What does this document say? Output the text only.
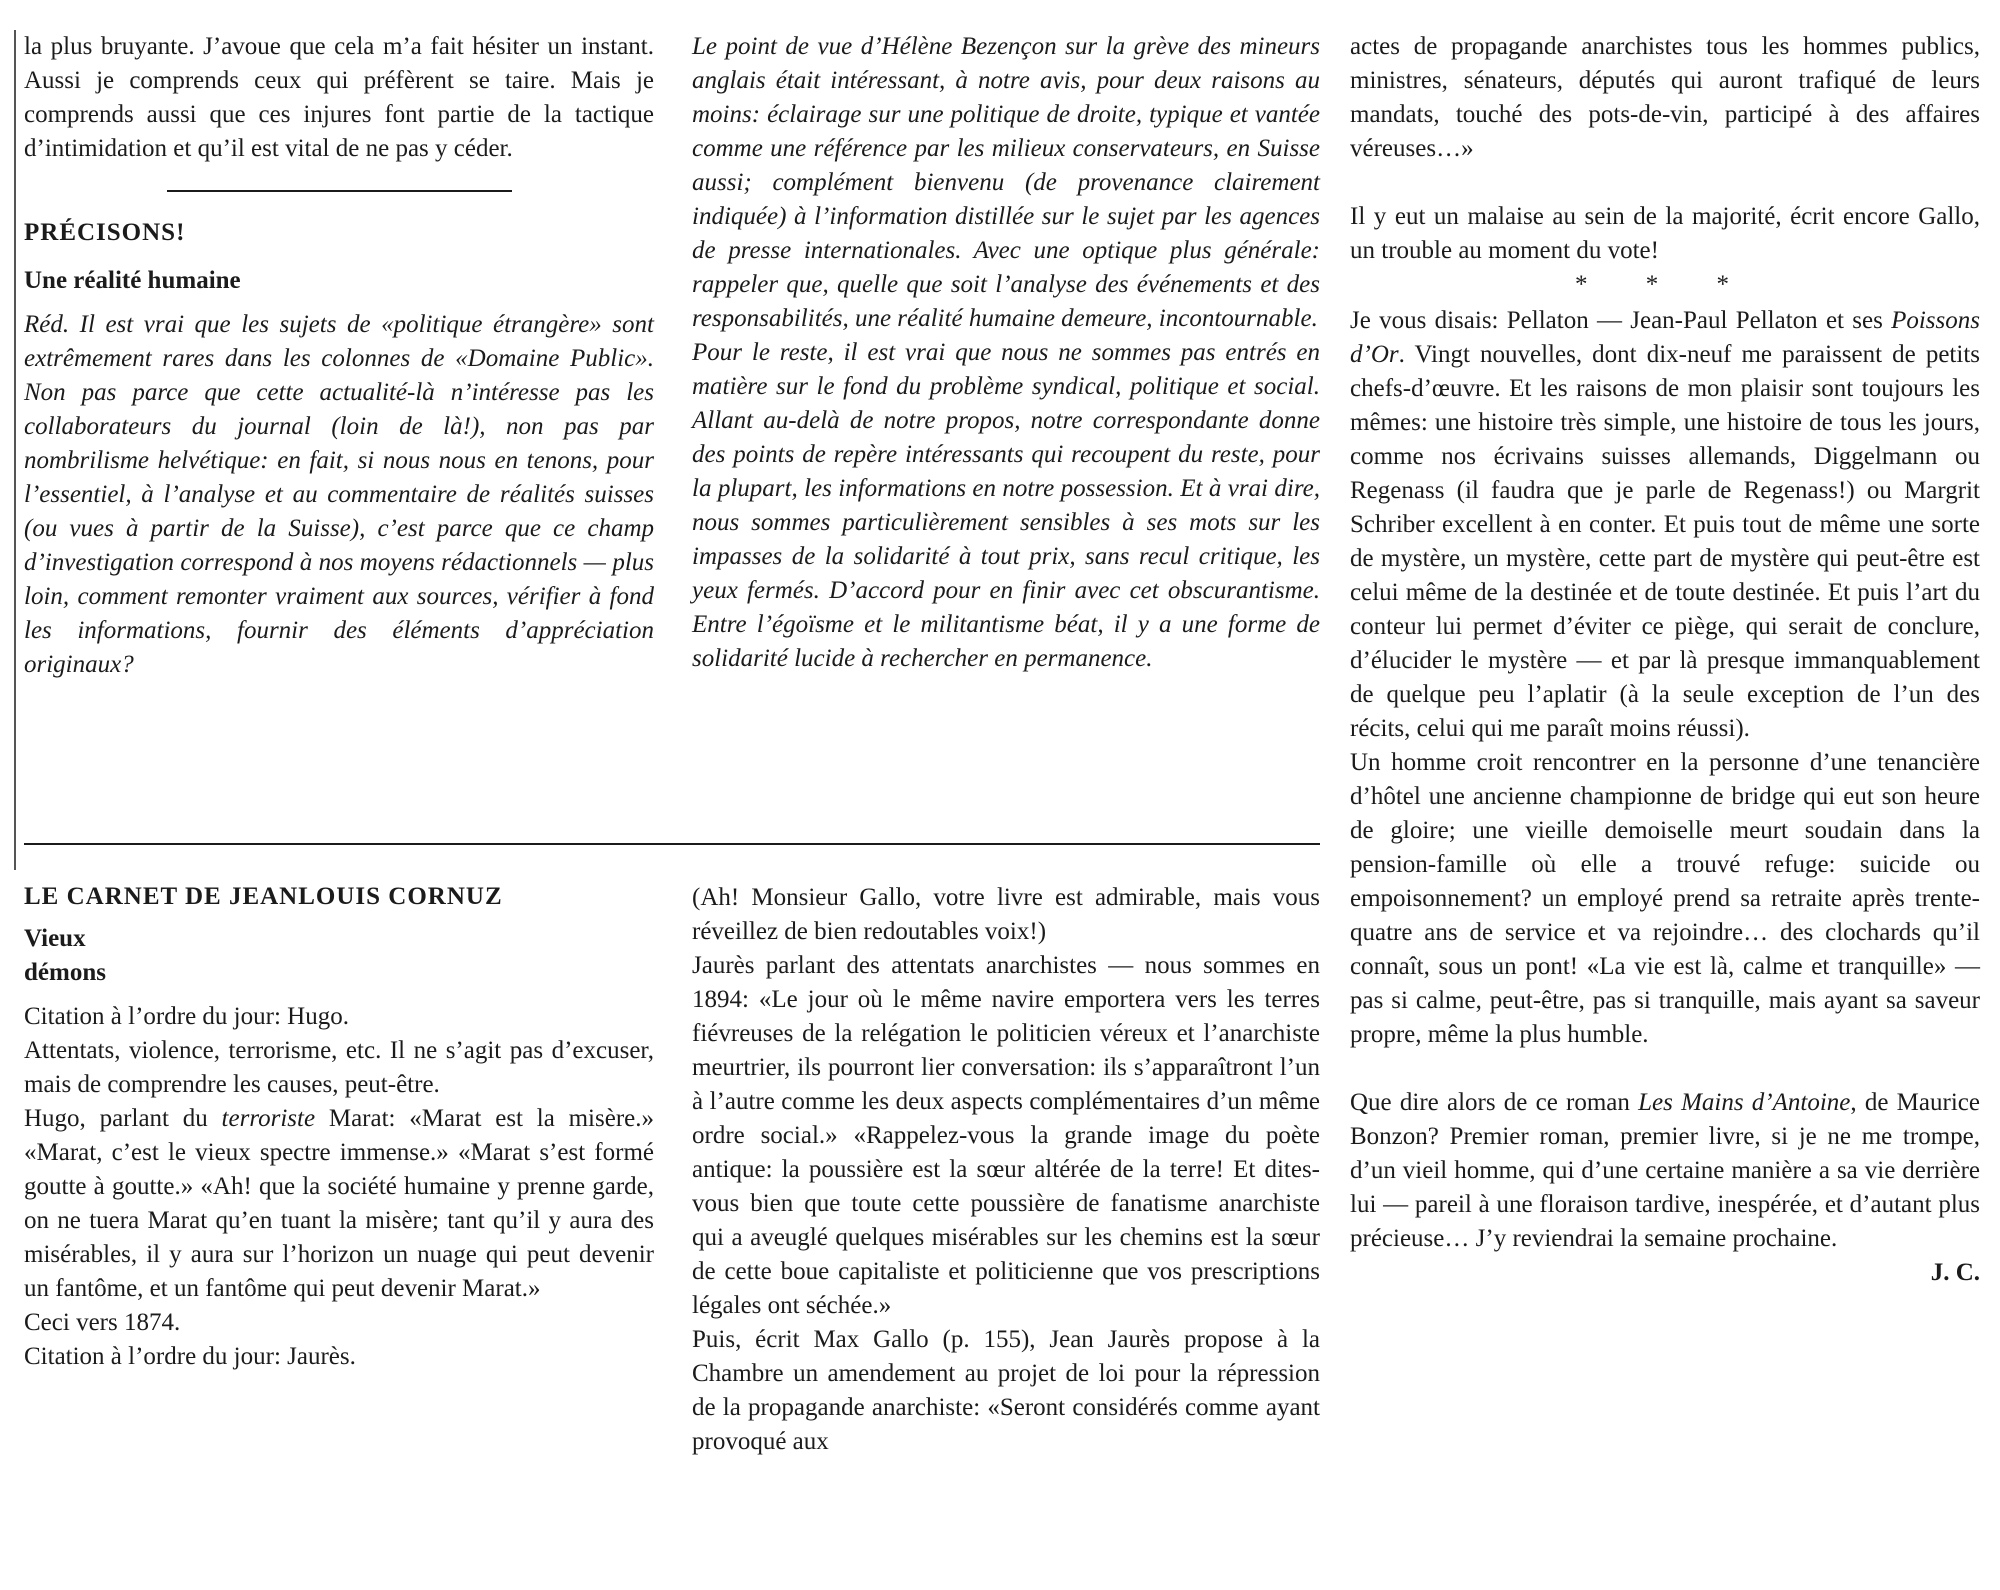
la plus bruyante. J’avoue que cela m’a fait hésiter un instant. Aussi je comprends ceux qui préfèrent se taire. Mais je comprends aussi que ces injures font partie de la tactique d’intimidation et qu’il est vital de ne pas y céder.

PRÉCISONS!

Une réalité humaine

Réd. Il est vrai que les sujets de «politique étrangère» sont extrêmement rares dans les colonnes de «Domaine Public». Non pas parce que cette actualité-là n’intéresse pas les collaborateurs du journal (loin de là!), non pas par nombrilisme helvétique: en fait, si nous nous en tenons, pour l’essentiel, à l’analyse et au commentaire de réalités suisses (ou vues à partir de la Suisse), c’est parce que ce champ d’investigation correspond à nos moyens rédactionnels — plus loin, comment remonter vraiment aux sources, vérifier à fond les informations, fournir des éléments d’appréciation originaux?

Le point de vue d’Hélène Bezençon sur la grève des mineurs anglais était intéressant, à notre avis, pour deux raisons au moins: éclairage sur une politique de droite, typique et vantée comme une référence par les milieux conservateurs, en Suisse aussi; complément bienvenu (de provenance clairement indiquée) à l’information distillée sur le sujet par les agences de presse internationales. Avec une optique plus générale: rappeler que, quelle que soit l’analyse des événements et des responsabilités, une réalité humaine demeure, incontournable.

Pour le reste, il est vrai que nous ne sommes pas entrés en matière sur le fond du problème syndical, politique et social. Allant au-delà de notre propos, notre correspondante donne des points de repère intéressants qui recoupent du reste, pour la plupart, les informations en notre possession. Et à vrai dire, nous sommes particulièrement sensibles à ses mots sur les impasses de la solidarité à tout prix, sans recul critique, les yeux fermés. D’accord pour en finir avec cet obscurantisme. Entre l’égoïsme et le militantisme béat, il y a une forme de solidarité lucide à rechercher en permanence.

LE CARNET DE JEANLOUIS CORNUZ

Vieux

démons

Citation à l’ordre du jour: Hugo.

Attentats, violence, terrorisme, etc. Il ne s’agit pas d’excuser, mais de comprendre les causes, peut-être.

Hugo, parlant du terroriste Marat: «Marat est la misère.» «Marat, c’est le vieux spectre immense.» «Marat s’est formé goutte à goutte.» «Ah! que la société humaine y prenne garde, on ne tuera Marat qu’en tuant la misère; tant qu’il y aura des misérables, il y aura sur l’horizon un nuage qui peut devenir un fantôme, et un fantôme qui peut devenir Marat.»

Ceci vers 1874.

Citation à l’ordre du jour: Jaurès.

(Ah! Monsieur Gallo, votre livre est admirable, mais vous réveillez de bien redoutables voix!)

Jaurès parlant des attentats anarchistes — nous sommes en 1894: «Le jour où le même navire emportera vers les terres fiévreuses de la relégation le politicien véreux et l’anarchiste meurtrier, ils pourront lier conversation: ils s’apparaîtront l’un à l’autre comme les deux aspects complémentaires d’un même ordre social.» «Rappelez-vous la grande image du poète antique: la poussière est la sœur altérée de la terre! Et dites-vous bien que toute cette poussière de fanatisme anarchiste qui a aveuglé quelques misérables sur les chemins est la sœur de cette boue capitaliste et politicienne que vos prescriptions légales ont séchée.»

Puis, écrit Max Gallo (p. 155), Jean Jaurès propose à la Chambre un amendement au projet de loi pour la répression de la propagande anarchiste: «Seront considérés comme ayant provoqué aux

actes de propagande anarchistes tous les hommes publics, ministres, sénateurs, députés qui auront trafiqué de leurs mandats, touché des pots-de-vin, participé à des affaires véreuses…»

Il y eut un malaise au sein de la majorité, écrit encore Gallo, un trouble au moment du vote!

* * *

Je vous disais: Pellaton — Jean-Paul Pellaton et ses Poissons d’Or. Vingt nouvelles, dont dix-neuf me paraissent de petits chefs-d’œuvre. Et les raisons de mon plaisir sont toujours les mêmes: une histoire très simple, une histoire de tous les jours, comme nos écrivains suisses allemands, Diggelmann ou Regenass (il faudra que je parle de Regenass!) ou Margrit Schriber excellent à en conter. Et puis tout de même une sorte de mystère, un mystère, cette part de mystère qui peut-être est celui même de la destinée et de toute destinée. Et puis l’art du conteur lui permet d’éviter ce piège, qui serait de conclure, d’élucider le mystère — et par là presque immanquablement de quelque peu l’aplatir (à la seule exception de l’un des récits, celui qui me paraît moins réussi).

Un homme croit rencontrer en la personne d’une tenancière d’hôtel une ancienne championne de bridge qui eut son heure de gloire; une vieille demoiselle meurt soudain dans la pension-famille où elle a trouvé refuge: suicide ou empoisonnement? un employé prend sa retraite après trente-quatre ans de service et va rejoindre… des clochards qu’il connaît, sous un pont! «La vie est là, calme et tranquille» — pas si calme, peut-être, pas si tranquille, mais ayant sa saveur propre, même la plus humble.

Que dire alors de ce roman Les Mains d’Antoine, de Maurice Bonzon? Premier roman, premier livre, si je ne me trompe, d’un vieil homme, qui d’une certaine manière a sa vie derrière lui — pareil à une floraison tardive, inespérée, et d’autant plus précieuse… J’y reviendrai la semaine prochaine.

J. C.
